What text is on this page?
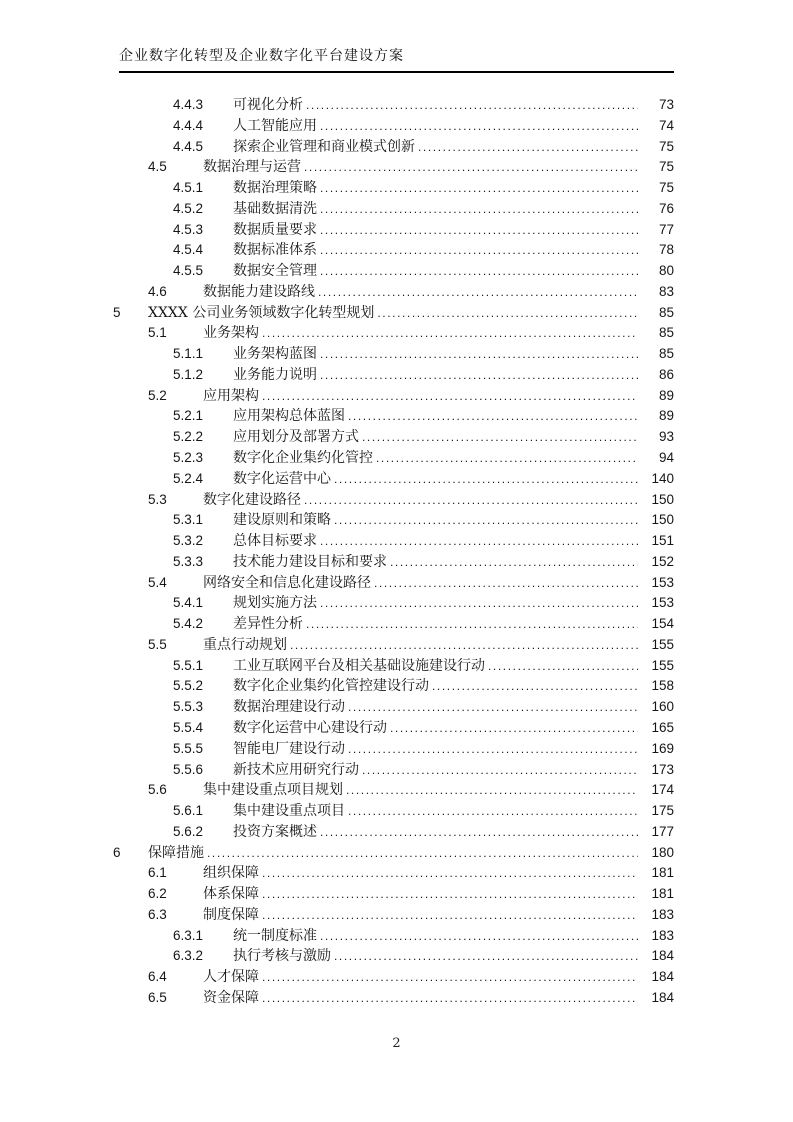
企业数字化转型及企业数字化平台建设方案
4.4.3	可视化分析 .....	73
4.4.4	人工智能应用 .....	74
4.4.5	探索企业管理和商业模式创新 .....	75
4.5	数据治理与运营 .....	75
4.5.1	数据治理策略 .....	75
4.5.2	基础数据清洗 .....	76
4.5.3	数据质量要求 .....	77
4.5.4	数据标准体系 .....	78
4.5.5	数据安全管理 .....	80
4.6	数据能力建设路线 .....	83
5	XXXX 公司业务领域数字化转型规划 .....	85
5.1	业务架构 .....	85
5.1.1	业务架构蓝图 .....	85
5.1.2	业务能力说明 .....	86
5.2	应用架构 .....	89
5.2.1	应用架构总体蓝图 .....	89
5.2.2	应用划分及部署方式 .....	93
5.2.3	数字化企业集约化管控 .....	94
5.2.4	数字化运营中心 .....	140
5.3	数字化建设路径 .....	150
5.3.1	建设原则和策略 .....	150
5.3.2	总体目标要求 .....	151
5.3.3	技术能力建设目标和要求 .....	152
5.4	网络安全和信息化建设路径 .....	153
5.4.1	规划实施方法 .....	153
5.4.2	差异性分析 .....	154
5.5	重点行动规划 .....	155
5.5.1	工业互联网平台及相关基础设施建设行动 .....	155
5.5.2	数字化企业集约化管控建设行动 .....	158
5.5.3	数据治理建设行动 .....	160
5.5.4	数字化运营中心建设行动 .....	165
5.5.5	智能电厂建设行动 .....	169
5.5.6	新技术应用研究行动 .....	173
5.6	集中建设重点项目规划 .....	174
5.6.1	集中建设重点项目 .....	175
5.6.2	投资方案概述 .....	177
6	保障措施 .....	180
6.1	组织保障 .....	181
6.2	体系保障 .....	181
6.3	制度保障 .....	183
6.3.1	统一制度标准 .....	183
6.3.2	执行考核与激励 .....	184
6.4	人才保障 .....	184
6.5	资金保障 .....	184
2
